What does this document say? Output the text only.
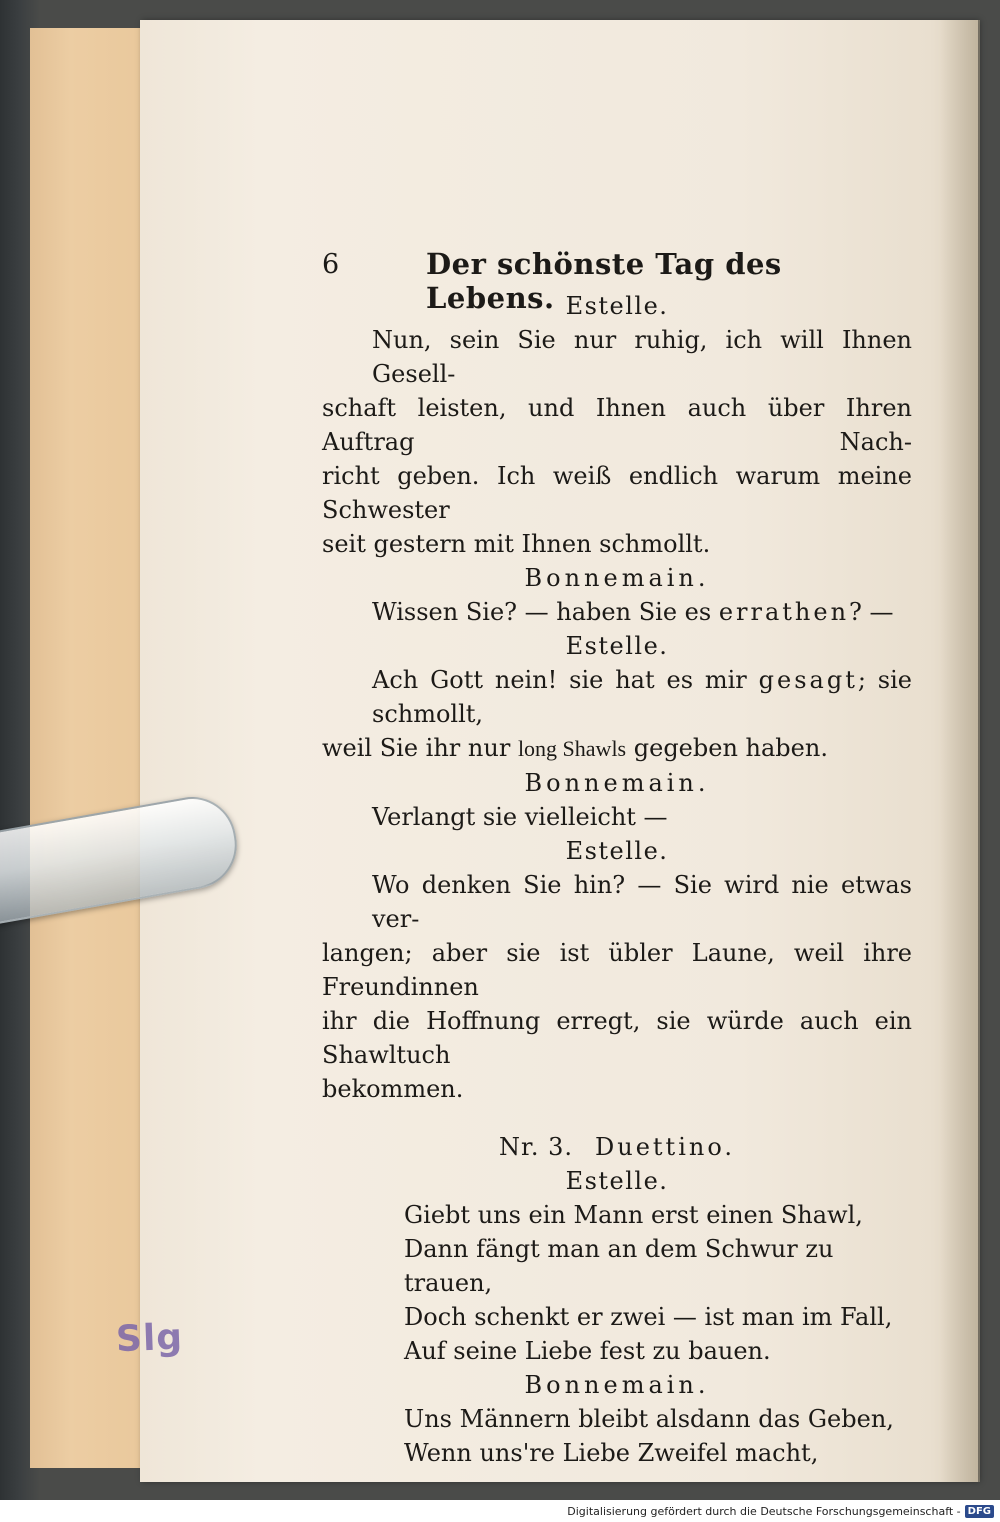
Slg
6	Der schönste Tag des Lebens. Estelle.

Nun, sein Sie nur ruhig, ich will Ihnen Gesell-
schaft leisten, und Ihnen auch über Ihren Auftrag Nach-
richt geben. Ich weiß endlich warum meine Schwester
seit gestern mit Ihnen schmollt.

Bonnemain.

Wissen Sie? — haben Sie es errathen? —

Estelle.

Ach Gott nein! sie hat es mir gesagt; sie schmollt,
weil Sie ihr nur long Shawls gegeben haben.

Bonnemain.

Verlangt sie vielleicht —

Estelle.

Wo denken Sie hin? — Sie wird nie etwas ver-
langen; aber sie ist übler Laune, weil ihre Freundinnen
ihr die Hoffnung erregt, sie würde auch ein Shawltuch
bekommen.
Nr. 3. Duettino.

Estelle.

Giebt uns ein Mann erst einen Shawl,
Dann fängt man an dem Schwur zu trauen,
Doch schenkt er zwei — ist man im Fall,
Auf seine Liebe fest zu bauen.

Bonnemain.

Uns Männern bleibt alsdann das Geben,
Wenn uns're Liebe Zweifel macht,
Digitalisierung gefördert durch die Deutsche Forschungsgemeinschaft - DFG
